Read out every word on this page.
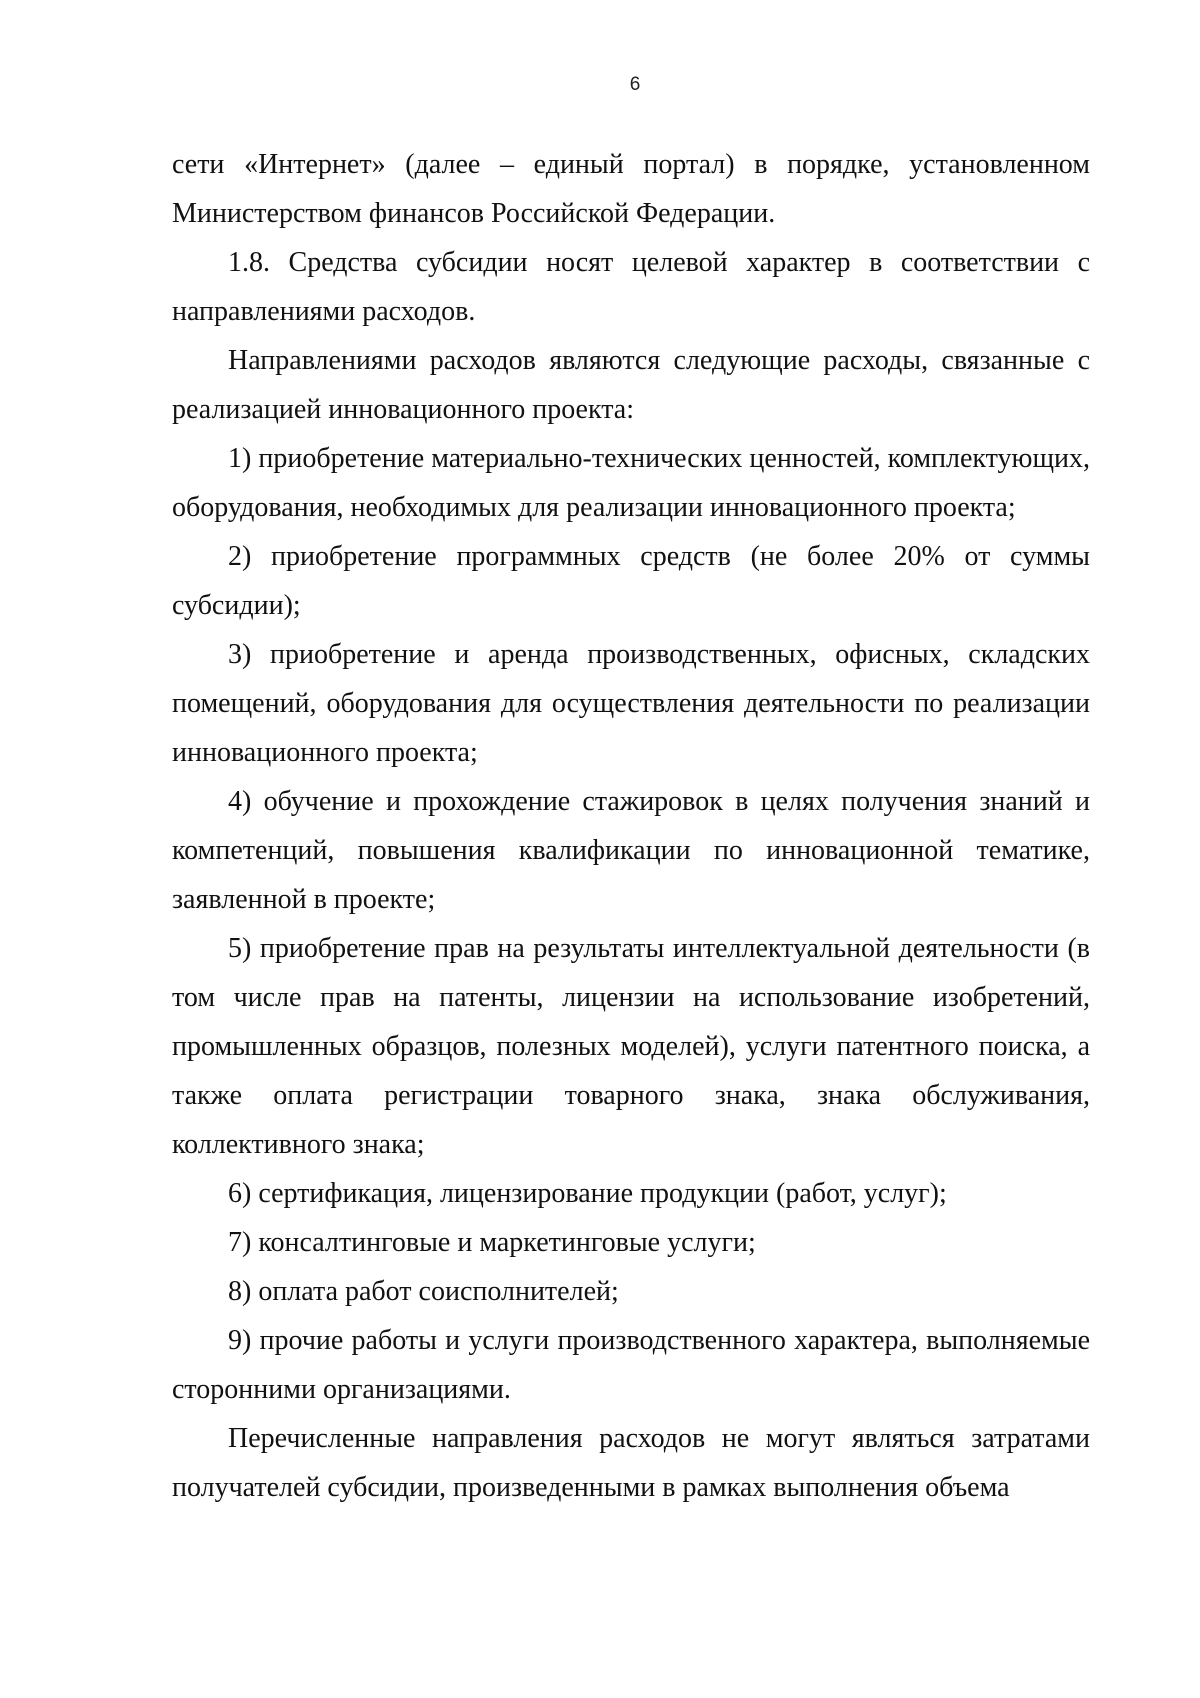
6

сети «Интернет» (далее – единый портал) в порядке, установленном Министерством финансов Российской Федерации.

1.8. Средства субсидии носят целевой характер в соответствии с направлениями расходов.

Направлениями расходов являются следующие расходы, связанные с реализацией инновационного проекта:

1) приобретение материально-технических ценностей, комплектующих, оборудования, необходимых для реализации инновационного проекта;

2) приобретение программных средств (не более 20% от суммы субсидии);

3) приобретение и аренда производственных, офисных, складских помещений, оборудования для осуществления деятельности по реализации инновационного проекта;

4) обучение и прохождение стажировок в целях получения знаний и компетенций, повышения квалификации по инновационной тематике, заявленной в проекте;

5) приобретение прав на результаты интеллектуальной деятельности (в том числе прав на патенты, лицензии на использование изобретений, промышленных образцов, полезных моделей), услуги патентного поиска, а также оплата регистрации товарного знака, знака обслуживания, коллективного знака;

6) сертификация, лицензирование продукции (работ, услуг);

7) консалтинговые и маркетинговые услуги;

8) оплата работ соисполнителей;

9) прочие работы и услуги производственного характера, выполняемые сторонними организациями.

Перечисленные направления расходов не могут являться затратами получателей субсидии, произведенными в рамках выполнения объема
